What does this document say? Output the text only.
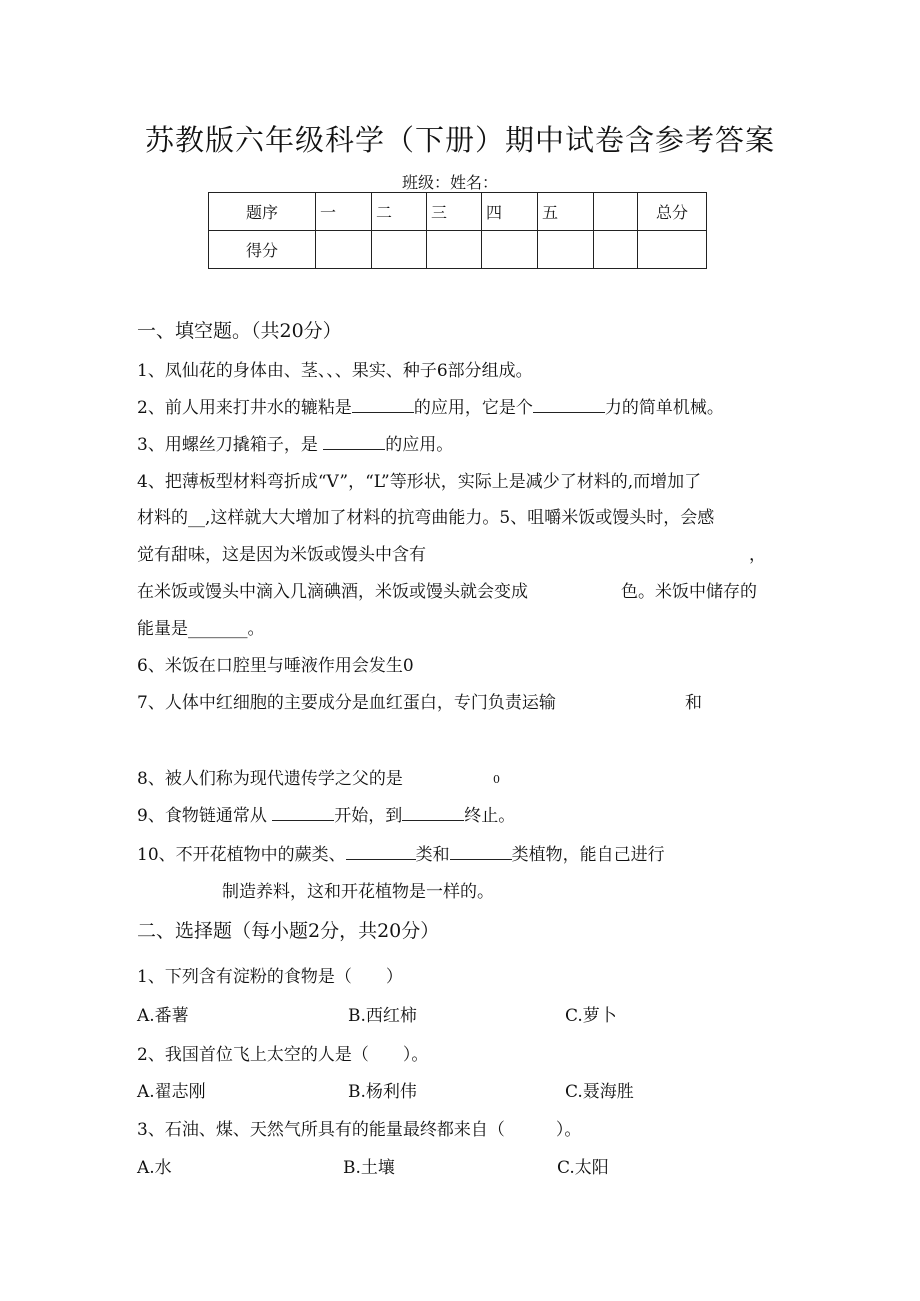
苏教版六年级科学（下册）期中试卷含参考答案
班级：姓名：
题序	一	二	三	四	五		总分
得分							
一、填空题。（共20分）
1、凤仙花的身体由、茎、、、果实、种子6部分组成。
2、前人用来打井水的辘粘是	的应用，它是个	力的简单机械。
3、用螺丝刀撬箱子，是	的应用。
4、把薄板型材料弯折成“V”，“L”等形状，实际上是减少了材料的,而增加了
材料的__,这样就大大增加了材料的抗弯曲能力。5、咀嚼米饭或馒头时，会感
觉有甜味，这是因为米饭或馒头中含有	，
在米饭或馒头中滴入几滴碘酒，米饭或馒头就会变成	色。米饭中储存的
能量是_______。
6、米饭在口腔里与唾液作用会发生0
7、人体中红细胞的主要成分是血红蛋白，专门负责运输	和
8、被人们称为现代遗传学之父的是	0
9、食物链通常从	开始，到	终止。
10、不开花植物中的蕨类、	类和	类植物，能自己进行
制造养料，这和开花植物是一样的。
二、选择题（每小题2分，共20分）
1、下列含有淀粉的食物是（　　）
A.番薯	B.西红柿	C.萝卜
2、我国首位飞上太空的人是（　　）。
A.翟志刚	B.杨利伟	C.聂海胜
3、石油、煤、天然气所具有的能量最终都来自（　　　）。
A.水	B.土壤	C.太阳
